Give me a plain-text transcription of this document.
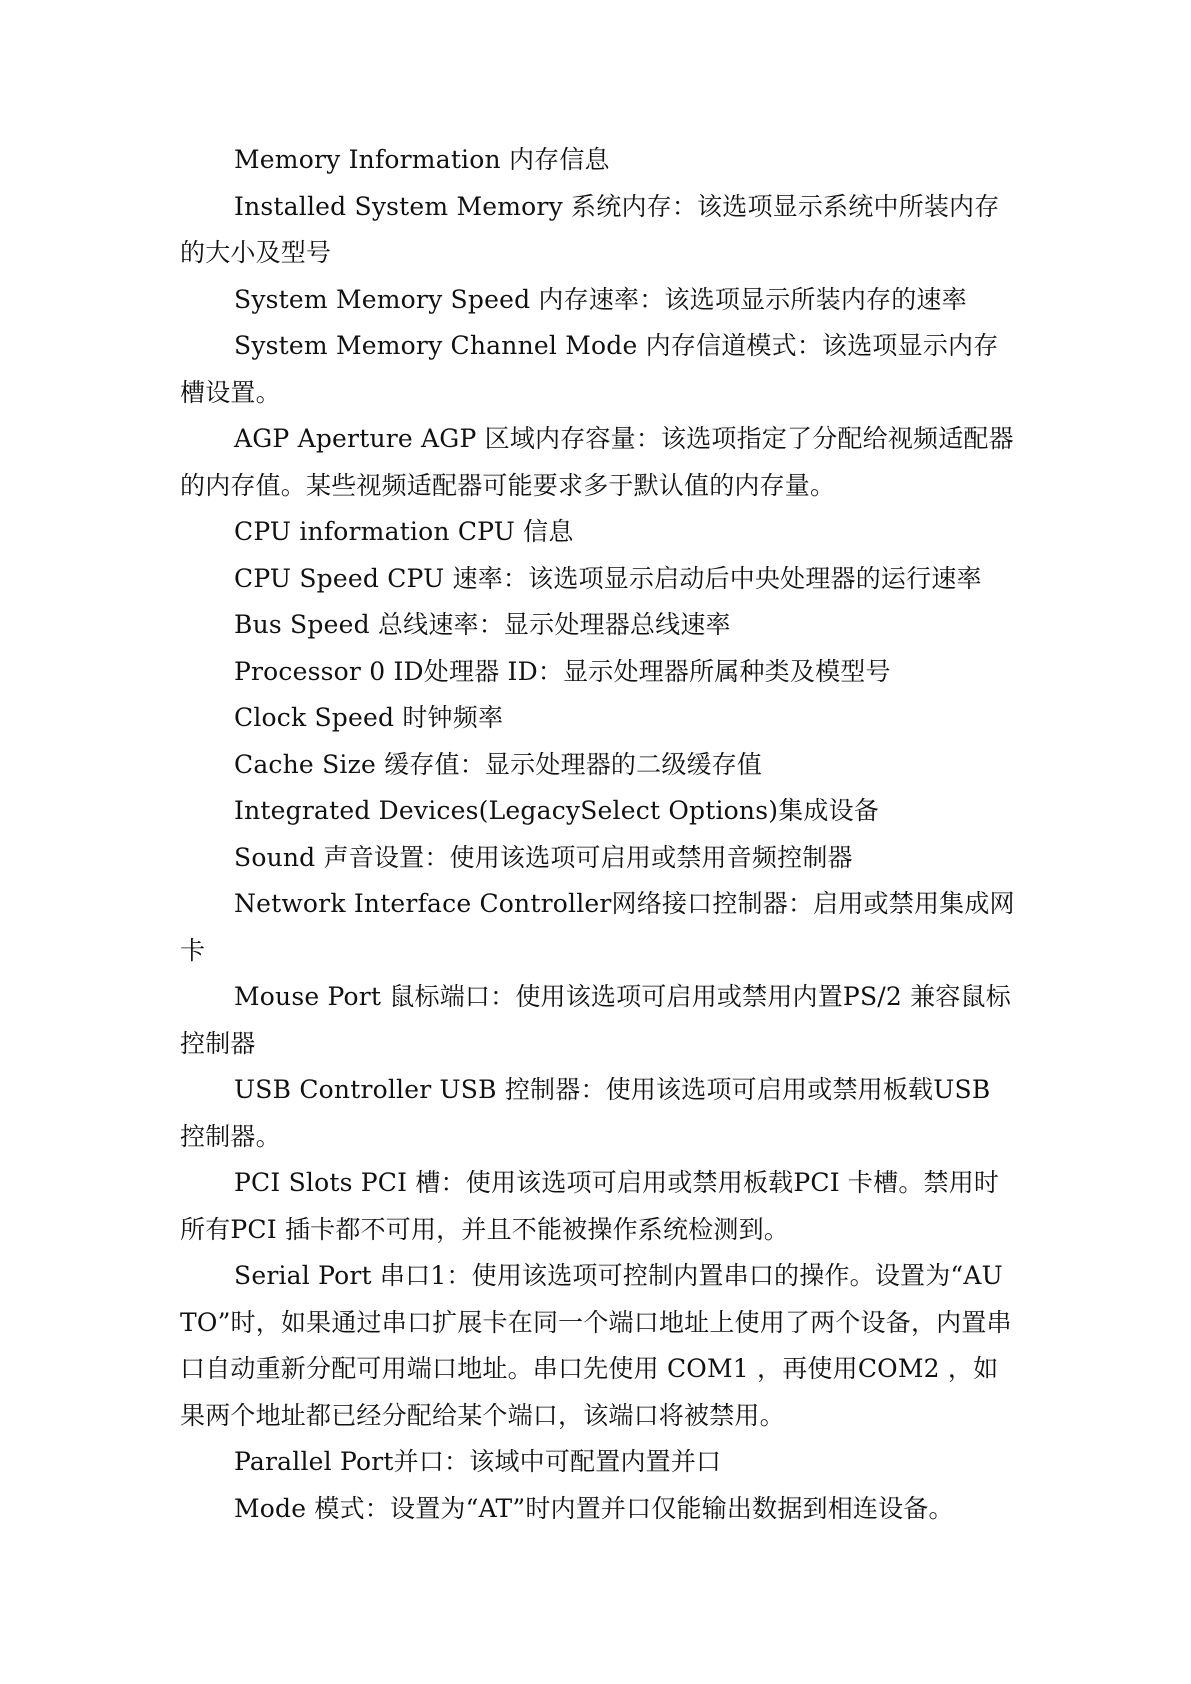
Memory Information 内存信息

Installed System Memory 系统内存：该选项显示系统中所装内存的大小及型号

System Memory Speed 内存速率：该选项显示所装内存的速率

System Memory Channel Mode 内存信道模式：该选项显示内存槽设置。

AGP Aperture AGP 区域内存容量：该选项指定了分配给视频适配器的内存值。某些视频适配器可能要求多于默认值的内存量。

CPU information CPU 信息

CPU Speed CPU 速率：该选项显示启动后中央处理器的运行速率

Bus Speed 总线速率：显示处理器总线速率

Processor 0 ID处理器 ID：显示处理器所属种类及模型号

Clock Speed 时钟频率

Cache Size 缓存值：显示处理器的二级缓存值

Integrated Devices(LegacySelect Options)集成设备

Sound 声音设置：使用该选项可启用或禁用音频控制器

Network Interface Controller网络接口控制器：启用或禁用集成网卡

Mouse Port 鼠标端口：使用该选项可启用或禁用内置PS/2 兼容鼠标控制器

USB Controller USB 控制器：使用该选项可启用或禁用板载USB 控制器。

PCI Slots PCI 槽：使用该选项可启用或禁用板载PCI 卡槽。禁用时所有PCI 插卡都不可用，并且不能被操作系统检测到。

Serial Port 串口1：使用该选项可控制内置串口的操作。设置为“AUTO”时，如果通过串口扩展卡在同一个端口地址上使用了两个设备，内置串口自动重新分配可用端口地址。串口先使用 COM1 ，再使用COM2 ，如果两个地址都已经分配给某个端口，该端口将被禁用。

Parallel Port并口：该域中可配置内置并口

Mode 模式：设置为“AT”时内置并口仅能输出数据到相连设备。
